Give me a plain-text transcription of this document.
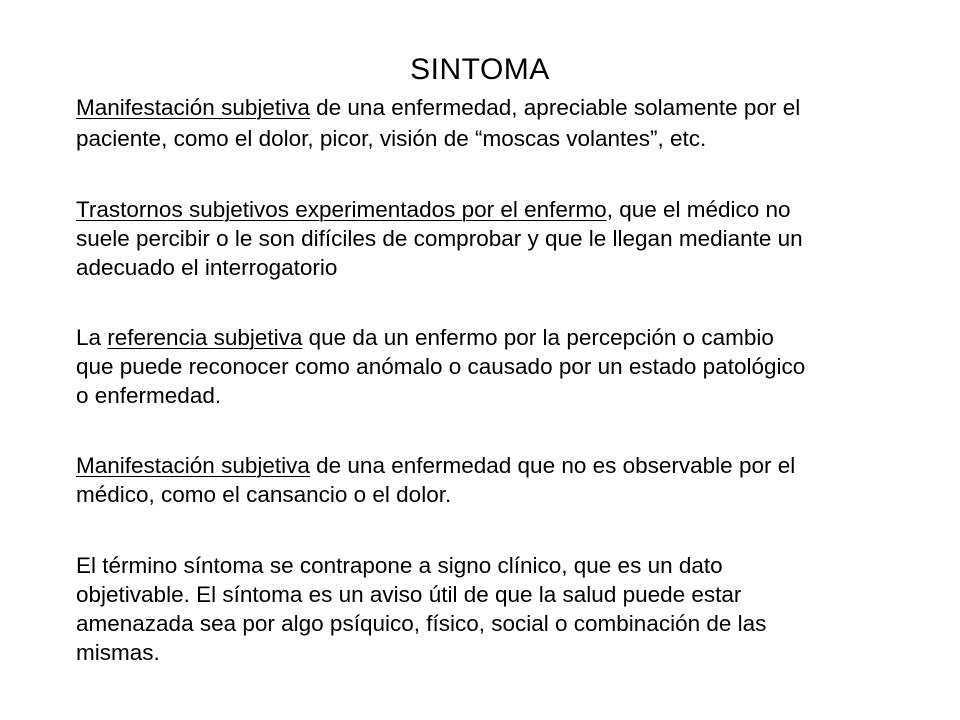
SINTOMA
Manifestación subjetiva de una enfermedad, apreciable solamente por el
paciente, como el dolor, picor, visión de “moscas volantes”, etc.
Trastornos subjetivos experimentados por el enfermo, que el médico no
suele percibir o le son difíciles de comprobar y que le llegan mediante un
adecuado el interrogatorio
La referencia subjetiva que da un enfermo por la percepción o cambio
que puede reconocer como anómalo o causado por un estado patológico
o enfermedad.
Manifestación subjetiva de una enfermedad que no es observable por el
médico, como el cansancio o el dolor.
El término síntoma se contrapone a signo clínico, que es un dato
objetivable. El síntoma es un aviso útil de que la salud puede estar
amenazada sea por algo psíquico, físico, social o combinación de las
mismas.
